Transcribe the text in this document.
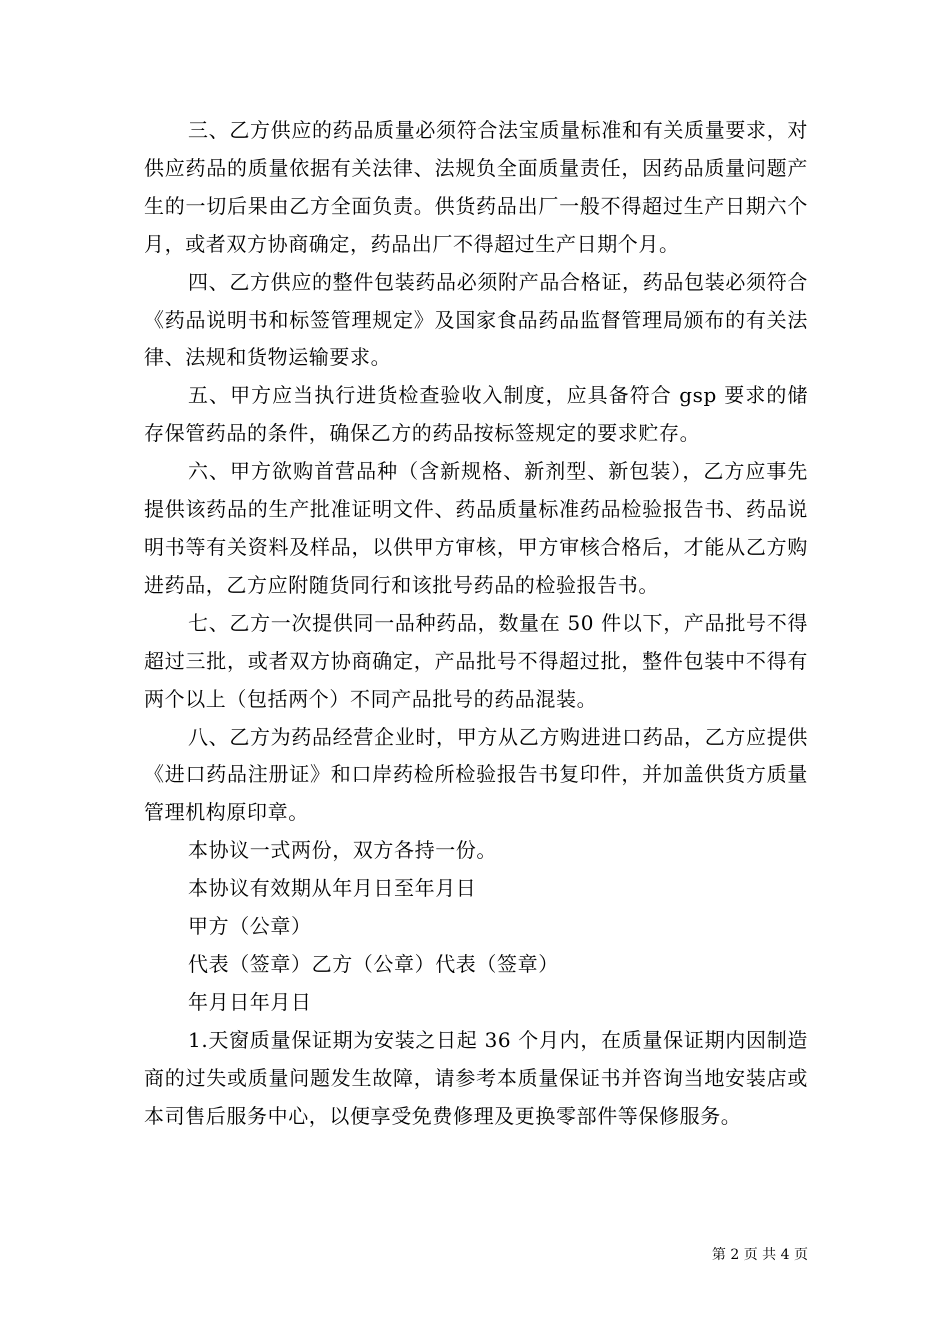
三、乙方供应的药品质量必须符合法宝质量标准和有关质量要求，对供应药品的质量依据有关法律、法规负全面质量责任，因药品质量问题产生的一切后果由乙方全面负责。供货药品出厂一般不得超过生产日期六个月，或者双方协商确定，药品出厂不得超过生产日期个月。

四、乙方供应的整件包装药品必须附产品合格证，药品包装必须符合《药品说明书和标签管理规定》及国家食品药品监督管理局颁布的有关法律、法规和货物运输要求。

五、甲方应当执行进货检查验收入制度，应具备符合 gsp 要求的储存保管药品的条件，确保乙方的药品按标签规定的要求贮存。

六、甲方欲购首营品种（含新规格、新剂型、新包装），乙方应事先提供该药品的生产批准证明文件、药品质量标准药品检验报告书、药品说明书等有关资料及样品，以供甲方审核，甲方审核合格后，才能从乙方购进药品，乙方应附随货同行和该批号药品的检验报告书。

七、乙方一次提供同一品种药品，数量在 50 件以下，产品批号不得超过三批，或者双方协商确定，产品批号不得超过批，整件包装中不得有两个以上（包括两个）不同产品批号的药品混装。

八、乙方为药品经营企业时，甲方从乙方购进进口药品，乙方应提供《进口药品注册证》和口岸药检所检验报告书复印件，并加盖供货方质量管理机构原印章。

本协议一式两份，双方各持一份。

本协议有效期从年月日至年月日

甲方（公章）

代表（签章）乙方（公章）代表（签章）

年月日年月日

1.天窗质量保证期为安装之日起 36 个月内，在质量保证期内因制造商的过失或质量问题发生故障，请参考本质量保证书并咨询当地安装店或本司售后服务中心，以便享受免费修理及更换零部件等保修服务。

第 2 页 共 4 页
